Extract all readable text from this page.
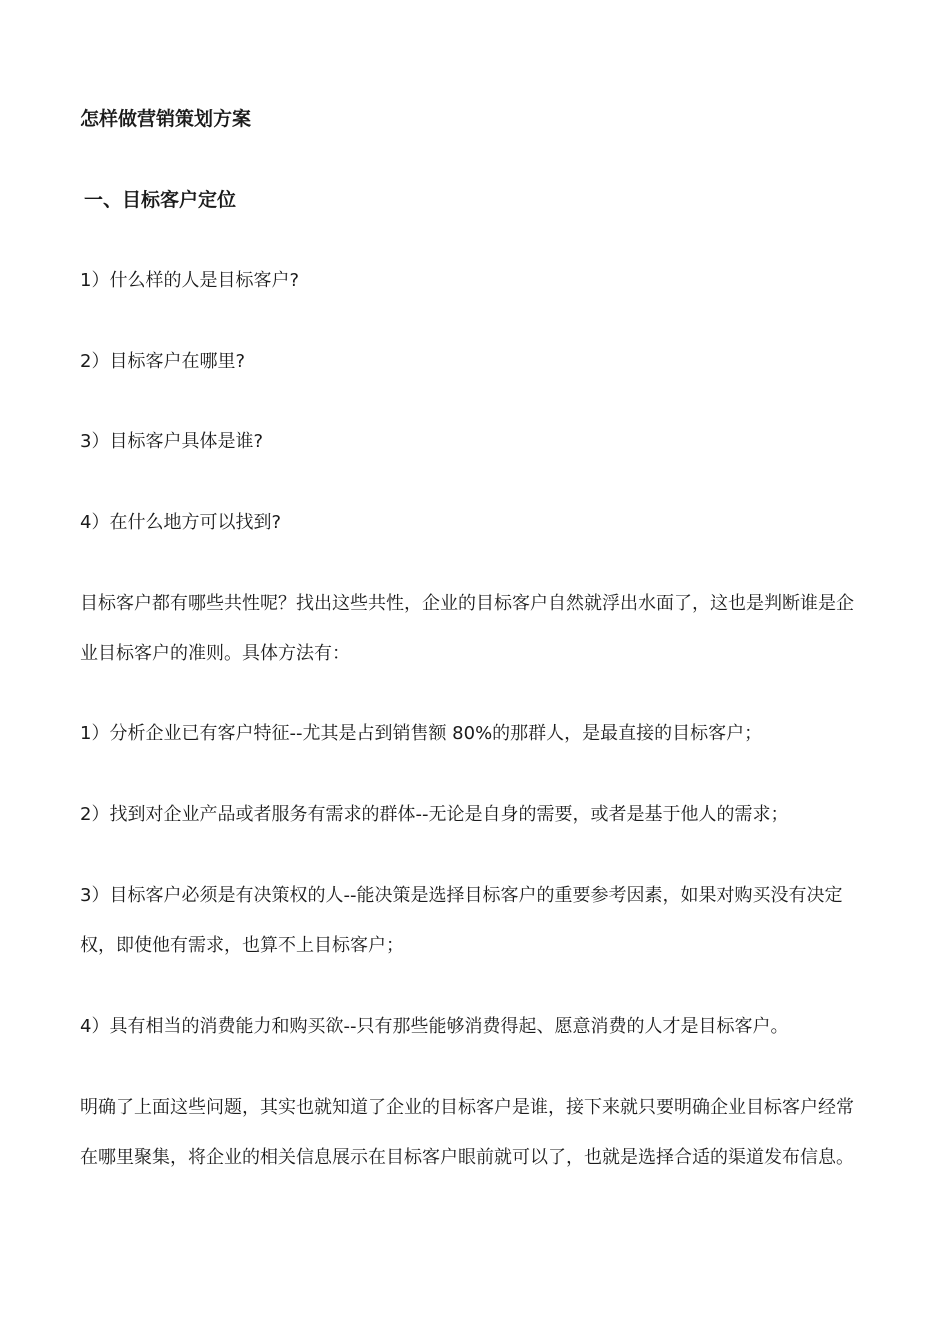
怎样做营销策划方案
一、目标客户定位
1）什么样的人是目标客户?
2）目标客户在哪里?
3）目标客户具体是谁?
4）在什么地方可以找到?
目标客户都有哪些共性呢？找出这些共性，企业的目标客户自然就浮出水面了，这也是判断谁是企业目标客户的准则。具体方法有：
1）分析企业已有客户特征--尤其是占到销售额 80%的那群人，是最直接的目标客户；
2）找到对企业产品或者服务有需求的群体--无论是自身的需要，或者是基于他人的需求；
3）目标客户必须是有决策权的人--能决策是选择目标客户的重要参考因素，如果对购买没有决定权，即使他有需求，也算不上目标客户；
4）具有相当的消费能力和购买欲--只有那些能够消费得起、愿意消费的人才是目标客户。
明确了上面这些问题，其实也就知道了企业的目标客户是谁，接下来就只要明确企业目标客户经常在哪里聚集，将企业的相关信息展示在目标客户眼前就可以了，也就是选择合适的渠道发布信息。
